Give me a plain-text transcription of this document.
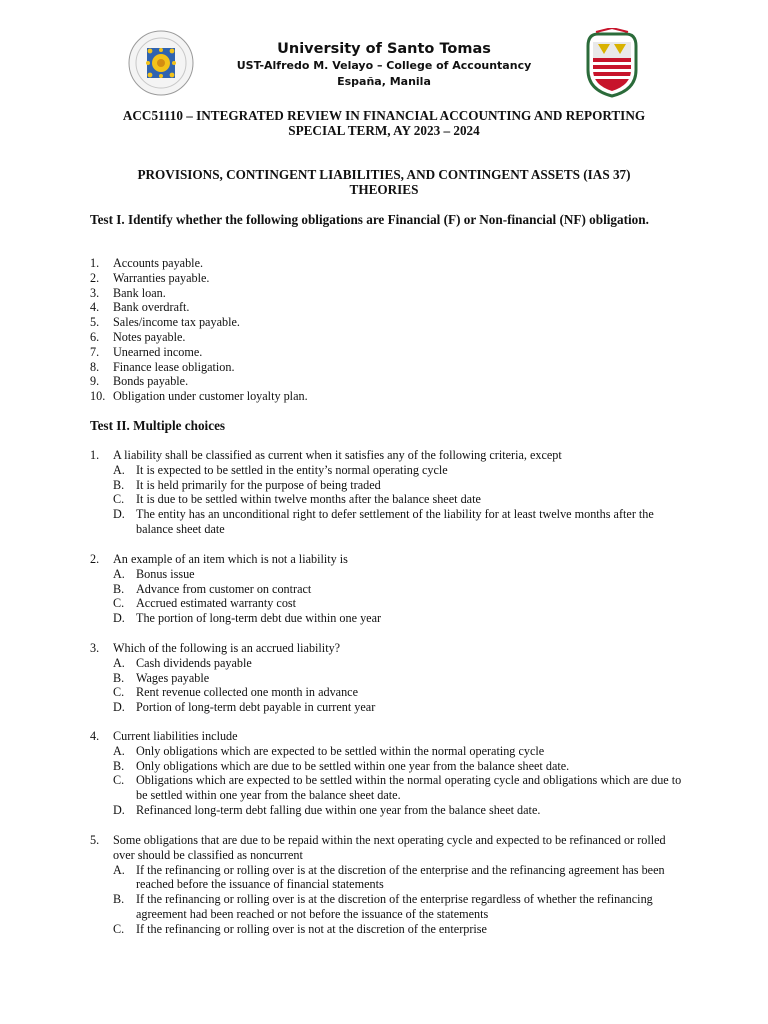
University of Santo Tomas
UST-Alfredo M. Velayo – College of Accountancy
España, Manila
ACC51110 – INTEGRATED REVIEW IN FINANCIAL ACCOUNTING AND REPORTING
SPECIAL TERM, AY 2023 – 2024
PROVISIONS, CONTINGENT LIABILITIES, AND CONTINGENT ASSETS (IAS 37)
THEORIES
Test I. Identify whether the following obligations are Financial (F) or Non-financial (NF) obligation.
1. Accounts payable.
2. Warranties payable.
3. Bank loan.
4. Bank overdraft.
5. Sales/income tax payable.
6. Notes payable.
7. Unearned income.
8. Finance lease obligation.
9. Bonds payable.
10. Obligation under customer loyalty plan.
Test II. Multiple choices
1. A liability shall be classified as current when it satisfies any of the following criteria, except
A. It is expected to be settled in the entity’s normal operating cycle
B. It is held primarily for the purpose of being traded
C. It is due to be settled within twelve months after the balance sheet date
D. The entity has an unconditional right to defer settlement of the liability for at least twelve months after the balance sheet date
2. An example of an item which is not a liability is
A. Bonus issue
B. Advance from customer on contract
C. Accrued estimated warranty cost
D. The portion of long-term debt due within one year
3. Which of the following is an accrued liability?
A. Cash dividends payable
B. Wages payable
C. Rent revenue collected one month in advance
D. Portion of long-term debt payable in current year
4. Current liabilities include
A. Only obligations which are expected to be settled within the normal operating cycle
B. Only obligations which are due to be settled within one year from the balance sheet date.
C. Obligations which are expected to be settled within the normal operating cycle and obligations which are due to be settled within one year from the balance sheet date.
D. Refinanced long-term debt falling due within one year from the balance sheet date.
5. Some obligations that are due to be repaid within the next operating cycle and expected to be refinanced or rolled over should be classified as noncurrent
A. If the refinancing or rolling over is at the discretion of the enterprise and the refinancing agreement has been reached before the issuance of financial statements
B. If the refinancing or rolling over is at the discretion of the enterprise regardless of whether the refinancing agreement had been reached or not before the issuance of the statements
C. If the refinancing or rolling over is not at the discretion of the enterprise
